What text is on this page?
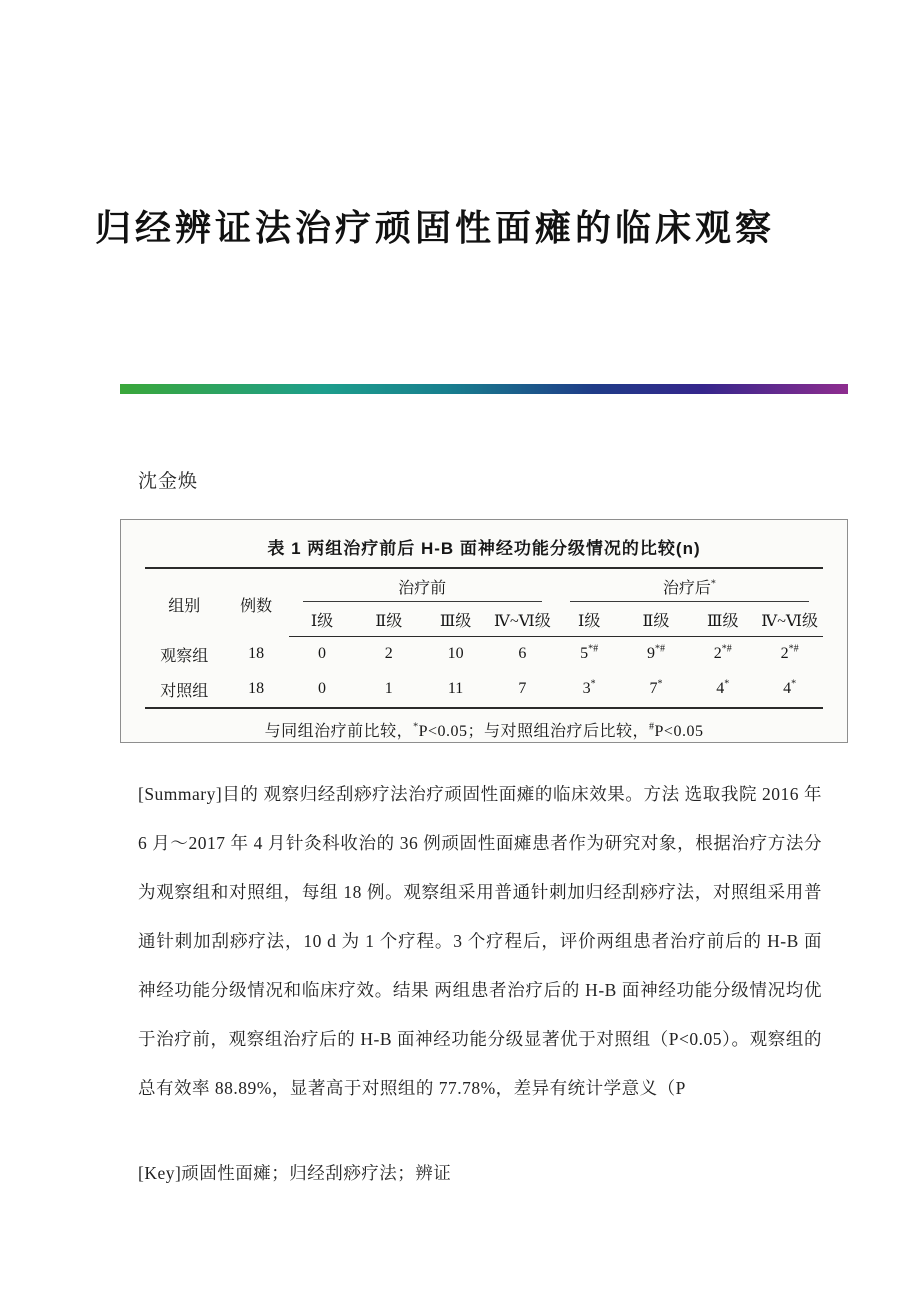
归经辨证法治疗顽固性面瘫的临床观察
沈金焕
表 1 两组治疗前后 H-B 面神经功能分级情况的比较(n)
组别	例数	治疗前				治疗后*

		Ⅰ级	Ⅱ级	Ⅲ级	Ⅳ~Ⅵ级	Ⅰ级	Ⅱ级	Ⅲ级	Ⅳ~Ⅵ级
观察组	18	0	2	10	6	5*#	9*#	2*#	2*#
对照组	18	0	1	11	7	3*	7*	4*	4*
与同组治疗前比较，*P<0.05；与对照组治疗后比较，#P<0.05

[Summary]目的 观察归经刮痧疗法治疗顽固性面瘫的临床效果。方法 选取我院 2016 年 6 月～2017 年 4 月针灸科收治的 36 例顽固性面瘫患者作为研究对象，根据治疗方法分为观察组和对照组，每组 18 例。观察组采用普通针刺加归经刮痧疗法，对照组采用普通针刺加刮痧疗法，10 d 为 1 个疗程。3 个疗程后，评价两组患者治疗前后的 H-B 面神经功能分级情况和临床疗效。结果 两组患者治疗后的 H-B 面神经功能分级情况均优于治疗前，观察组治疗后的 H-B 面神经功能分级显著优于对照组（P<0.05）。观察组的总有效率 88.89%，显著高于对照组的 77.78%，差异有统计学意义（P

[Key]顽固性面瘫；归经刮痧疗法；辨证
